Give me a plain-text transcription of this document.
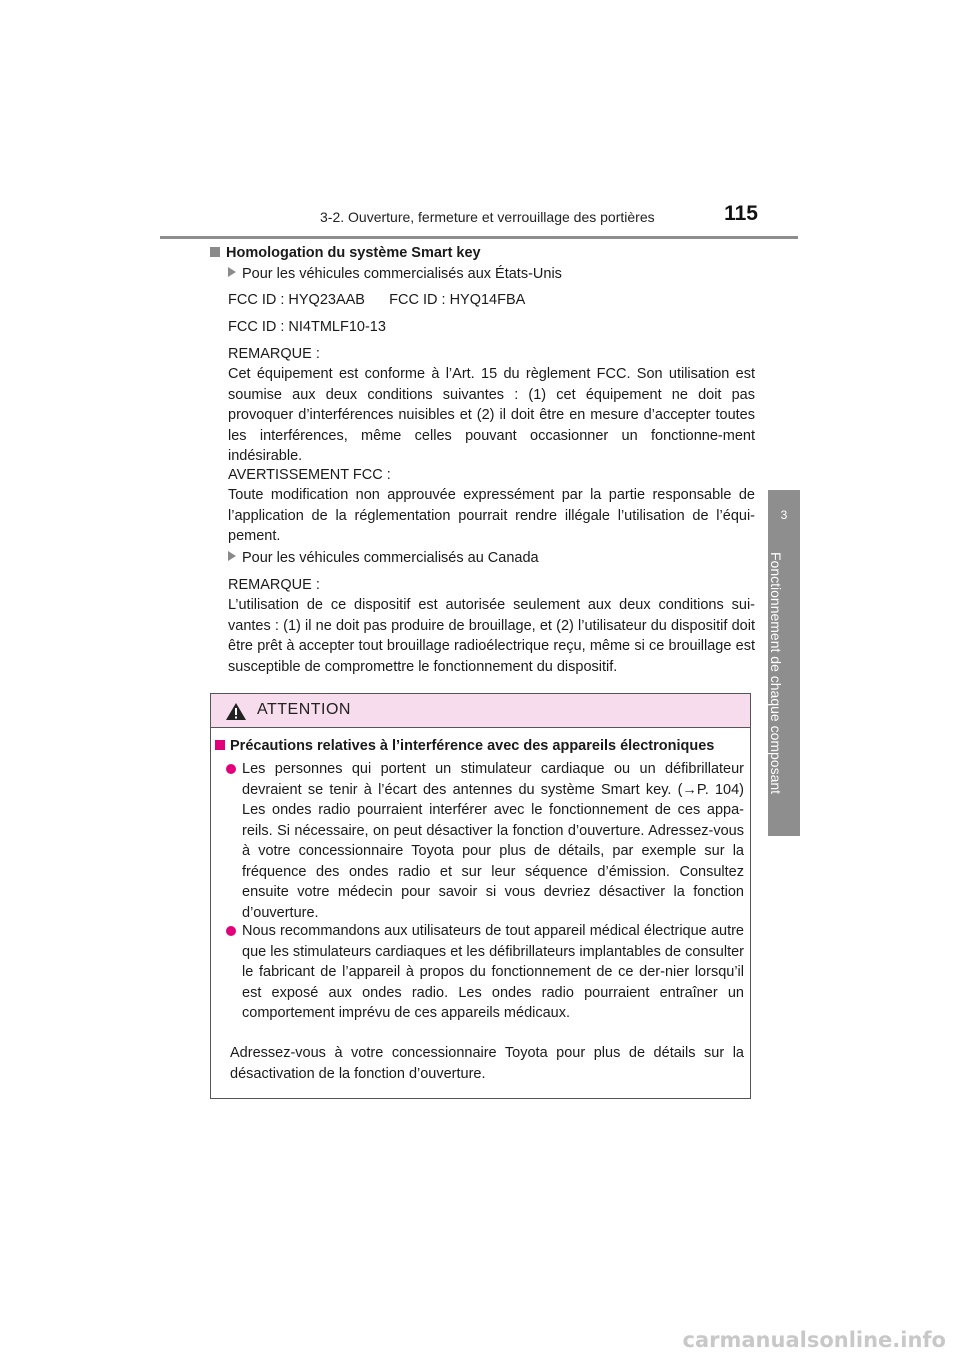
3-2. Ouverture, fermeture et verrouillage des portières	115
3
Fonctionnement de chaque composant
Homologation du système Smart key
Pour les véhicules commercialisés aux États-Unis
FCC ID : HYQ23AAB      FCC ID : HYQ14FBA
FCC ID : NI4TMLF10-13
REMARQUE :
Cet équipement est conforme à l’Art. 15 du règlement FCC. Son utilisation est soumise aux deux conditions suivantes : (1) cet équipement ne doit pas provoquer d’interférences nuisibles et (2) il doit être en mesure d’accepter toutes les interférences, même celles pouvant occasionner un fonctionne-ment indésirable.
AVERTISSEMENT FCC :
Toute modification non approuvée expressément par la partie responsable de l’application de la réglementation pourrait rendre illégale l’utilisation de l’équi-pement.
Pour les véhicules commercialisés au Canada
REMARQUE :
L’utilisation de ce dispositif est autorisée seulement aux deux conditions sui-vantes : (1) il ne doit pas produire de brouillage, et (2) l’utilisateur du dispositif doit être prêt à accepter tout brouillage radioélectrique reçu, même si ce brouillage est susceptible de compromettre le fonctionnement du dispositif.
ATTENTION
Précautions relatives à l’interférence avec des appareils électroniques
Les personnes qui portent un stimulateur cardiaque ou un défibrillateur devraient se tenir à l’écart des antennes du système Smart key. (→P. 104) Les ondes radio pourraient interférer avec le fonctionnement de ces appa-reils. Si nécessaire, on peut désactiver la fonction d’ouverture. Adressez-vous à votre concessionnaire Toyota pour plus de détails, par exemple sur la fréquence des ondes radio et sur leur séquence d’émission. Consultez ensuite votre médecin pour savoir si vous devriez désactiver la fonction d’ouverture.
Nous recommandons aux utilisateurs de tout appareil médical électrique autre que les stimulateurs cardiaques et les défibrillateurs implantables de consulter le fabricant de l’appareil à propos du fonctionnement de ce der-nier lorsqu’il est exposé aux ondes radio. Les ondes radio pourraient entraîner un comportement imprévu de ces appareils médicaux.
Adressez-vous à votre concessionnaire Toyota pour plus de détails sur la désactivation de la fonction d’ouverture.
carmanualsonline.info
